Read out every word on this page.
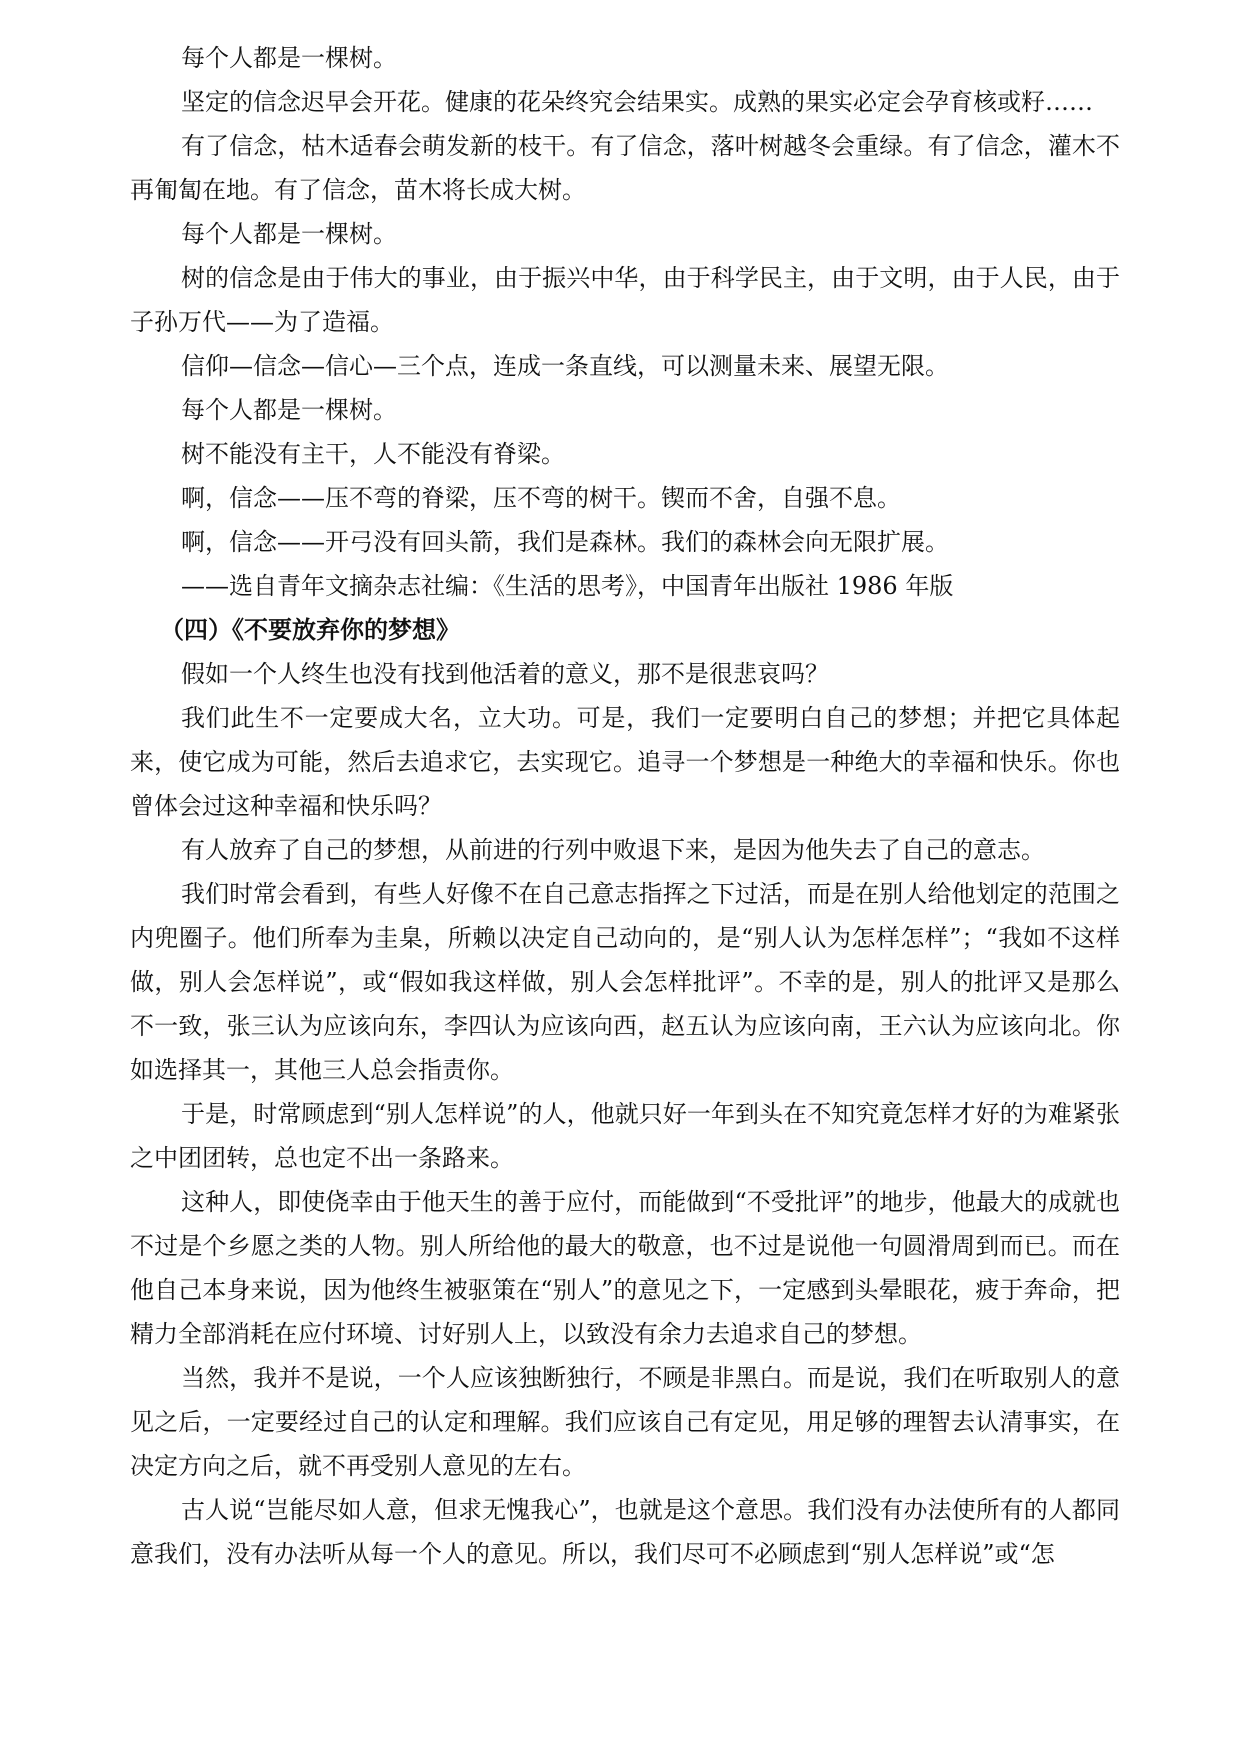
每个人都是一棵树。

坚定的信念迟早会开花。健康的花朵终究会结果实。成熟的果实必定会孕育核或籽……

有了信念，枯木适春会萌发新的枝干。有了信念，落叶树越冬会重绿。有了信念，灌木不再匍匐在地。有了信念，苗木将长成大树。

每个人都是一棵树。

树的信念是由于伟大的事业，由于振兴中华，由于科学民主，由于文明，由于人民，由于子孙万代——为了造福。

信仰—信念—信心—三个点，连成一条直线，可以测量未来、展望无限。

每个人都是一棵树。

树不能没有主干，人不能没有脊梁。

啊，信念——压不弯的脊梁，压不弯的树干。锲而不舍，自强不息。

啊，信念——开弓没有回头箭，我们是森林。我们的森林会向无限扩展。

——选自青年文摘杂志社编：《生活的思考》，中国青年出版社 1986 年版

（四）《不要放弃你的梦想》

假如一个人终生也没有找到他活着的意义，那不是很悲哀吗？

我们此生不一定要成大名，立大功。可是，我们一定要明白自己的梦想；并把它具体起来，使它成为可能，然后去追求它，去实现它。追寻一个梦想是一种绝大的幸福和快乐。你也曾体会过这种幸福和快乐吗？

有人放弃了自己的梦想，从前进的行列中败退下来，是因为他失去了自己的意志。

我们时常会看到，有些人好像不在自己意志指挥之下过活，而是在别人给他划定的范围之内兜圈子。他们所奉为圭臬，所赖以决定自己动向的，是“别人认为怎样怎样”；“我如不这样做，别人会怎样说”，或“假如我这样做，别人会怎样批评”。不幸的是，别人的批评又是那么不一致，张三认为应该向东，李四认为应该向西，赵五认为应该向南，王六认为应该向北。你如选择其一，其他三人总会指责你。

于是，时常顾虑到“别人怎样说”的人，他就只好一年到头在不知究竟怎样才好的为难紧张之中团团转，总也定不出一条路来。

这种人，即使侥幸由于他天生的善于应付，而能做到“不受批评”的地步，他最大的成就也不过是个乡愿之类的人物。别人所给他的最大的敬意，也不过是说他一句圆滑周到而已。而在他自己本身来说，因为他终生被驱策在“别人”的意见之下，一定感到头晕眼花，疲于奔命，把精力全部消耗在应付环境、讨好别人上，以致没有余力去追求自己的梦想。

当然，我并不是说，一个人应该独断独行，不顾是非黑白。而是说，我们在听取别人的意见之后，一定要经过自己的认定和理解。我们应该自己有定见，用足够的理智去认清事实，在决定方向之后，就不再受别人意见的左右。

古人说“岂能尽如人意，但求无愧我心”，也就是这个意思。我们没有办法使所有的人都同意我们，没有办法听从每一个人的意见。所以，我们尽可不必顾虑到“别人怎样说”或“怎
